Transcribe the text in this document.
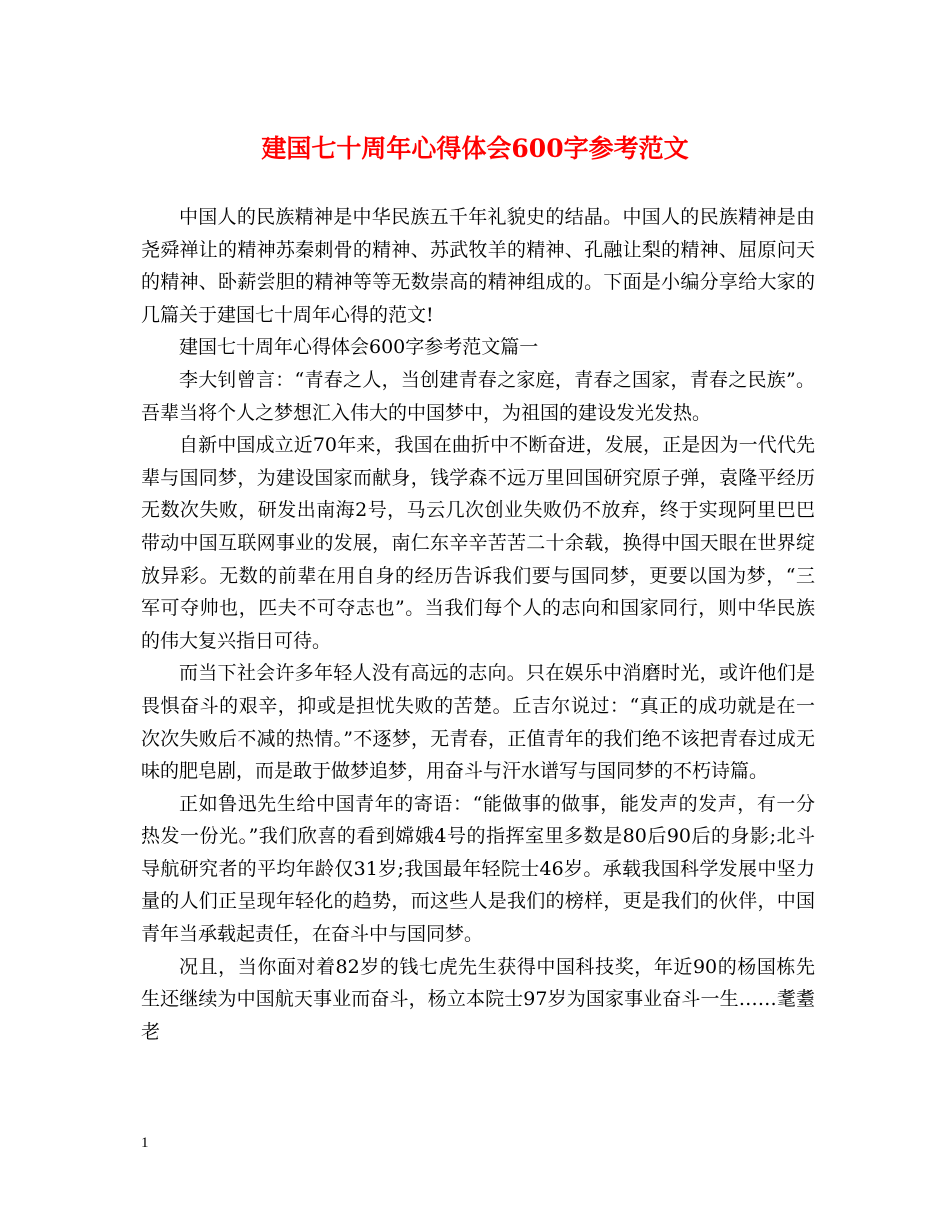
建国七十周年心得体会600字参考范文

中国人的民族精神是中华民族五千年礼貌史的结晶。中国人的民族精神是由尧舜禅让的精神苏秦刺骨的精神、苏武牧羊的精神、孔融让梨的精神、屈原问天的精神、卧薪尝胆的精神等等无数崇高的精神组成的。下面是小编分享给大家的几篇关于建国七十周年心得的范文!

建国七十周年心得体会600字参考范文篇一

李大钊曾言：“青春之人，当创建青春之家庭，青春之国家，青春之民族”。吾辈当将个人之梦想汇入伟大的中国梦中，为祖国的建设发光发热。

自新中国成立近70年来，我国在曲折中不断奋进，发展，正是因为一代代先辈与国同梦，为建设国家而献身，钱学森不远万里回国研究原子弹，袁隆平经历无数次失败，研发出南海2号，马云几次创业失败仍不放弃，终于实现阿里巴巴带动中国互联网事业的发展，南仁东辛辛苦苦二十余载，换得中国天眼在世界绽放异彩。无数的前辈在用自身的经历告诉我们要与国同梦，更要以国为梦，“三军可夺帅也，匹夫不可夺志也”。当我们每个人的志向和国家同行，则中华民族的伟大复兴指日可待。

而当下社会许多年轻人没有高远的志向。只在娱乐中消磨时光，或许他们是畏惧奋斗的艰辛，抑或是担忧失败的苦楚。丘吉尔说过：“真正的成功就是在一次次失败后不减的热情。”不逐梦，无青春，正值青年的我们绝不该把青春过成无味的肥皂剧，而是敢于做梦追梦，用奋斗与汗水谱写与国同梦的不朽诗篇。

正如鲁迅先生给中国青年的寄语：“能做事的做事，能发声的发声，有一分热发一份光。”我们欣喜的看到嫦娥4号的指挥室里多数是80后90后的身影;北斗导航研究者的平均年龄仅31岁;我国最年轻院士46岁。承载我国科学发展中坚力量的人们正呈现年轻化的趋势，而这些人是我们的榜样，更是我们的伙伴，中国青年当承载起责任，在奋斗中与国同梦。

况且，当你面对着82岁的钱七虎先生获得中国科技奖，年近90的杨国栋先生还继续为中国航天事业而奋斗，杨立本院士97岁为国家事业奋斗一生……耄耋老

1
